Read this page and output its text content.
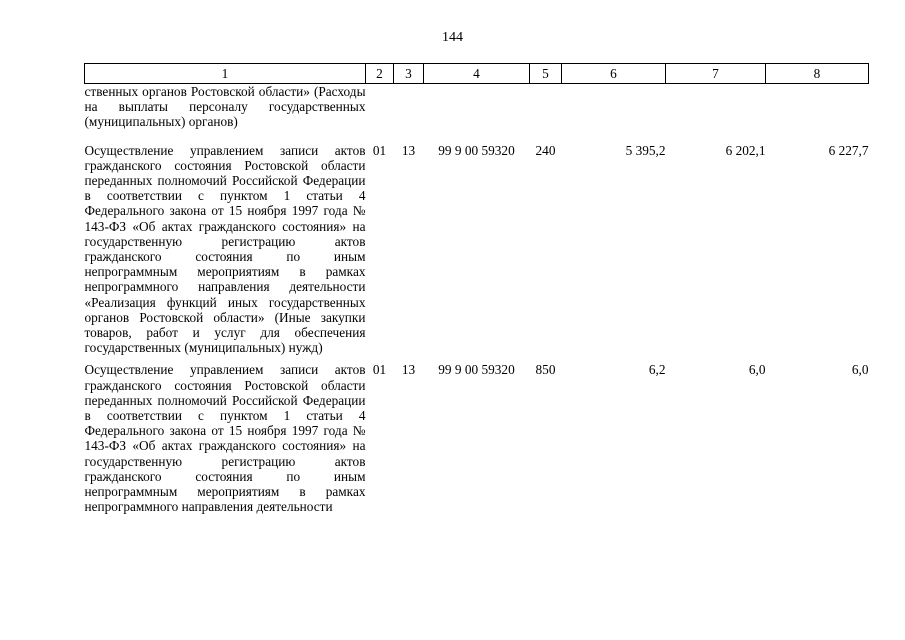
144
1	2	3	4	5	6	7	8
ственных органов Ростовской области» (Расходы на выплаты персоналу государственных (муниципальных) органов)							
Осуществление управлением записи актов гражданского состояния Ростовской области переданных полномочий Российской Федерации в соответствии с пунктом 1 статьи 4 Федерального закона от 15 ноября 1997 года № 143-ФЗ «Об актах гражданского состояния» на государственную регистрацию актов гражданского состояния по иным непрограммным мероприятиям в рамках непрограммного направления деятельности «Реализация функций иных государственных органов Ростовской области» (Иные закупки товаров, работ и услуг для обеспечения государственных (муниципальных) нужд)	01	13	99 9 00 59320	240	5 395,2	6 202,1	6 227,7
Осуществление управлением записи актов гражданского состояния Ростовской области переданных полномочий Российской Федерации в соответствии с пунктом 1 статьи 4 Федерального закона от 15 ноября 1997 года № 143-ФЗ «Об актах гражданского состояния» на государственную регистрацию актов гражданского состояния по иным непрограммным мероприятиям в рамках непрограммного направления деятельности	01	13	99 9 00 59320	850	6,2	6,0	6,0
